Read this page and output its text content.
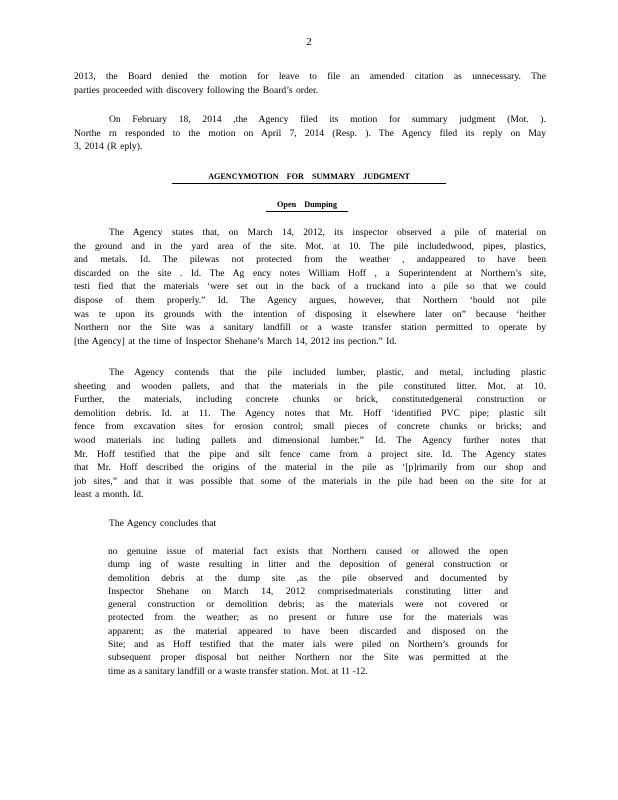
2
2013, the Board denied the motion for leave to file an amended citation as unnecessary. The
parties proceeded with discovery following the Board’s order.
On February 18, 2014 ,the Agency filed its motion for summary judgment (Mot. ).
Northe rn responded to the motion on April 7, 2014 (Resp. ). The Agency filed its reply on May
3, 2014 (R eply).
AGENCYMOTION FOR SUMMARY JUDGMENT
Open Dumping
The Agency states that, on March 14, 2012, its inspector observed a pile of material on
the ground and in the yard area of the site. Mot. at 10. The pile includedwood, pipes, plastics,
and metals. Id. The pilewas not protected from the weather , andappeared to have been
discarded on the site . Id. The Ag ency notes William Hoff , a Superintendent at Northern’s site,
testi fied that the materials ‘were set out in the back of a truckand into a pile so that we could
dispose of them properly.” Id. The Agency argues, however, that Northern ‘bould not pile
was te upon its grounds with the intention of disposing it elsewhere later on” because ‘heither
Northern nor the Site was a sanitary landfill or a waste transfer station permitted to operate by
[the Agency] at the time of Inspector Shehane’s March 14, 2012 ins pection.” Id.
The Agency contends that the pile included lumber, plastic, and metal, including plastic
sheeting and wooden pallets, and that the materials in the pile constituted litter. Mot. at 10.
Further, the materials, including concrete chunks or brick, constitutedgeneral construction or
demolition debris. Id. at 11. The Agency notes that Mr. Hoff ‘identified PVC pipe; plastic silt
fence from excavation sites for erosion control; small pieces of concrete chunks or bricks; and
wood materials inc luding pallets and dimensional lumber.” Id. The Agency further notes that
Mr. Hoff testified that the pipe and silt fence came from a project site. Id. The Agency states
that Mr. Hoff described the origins of the material in the pile as ‘[p]rimarily from our shop and
job sites,” and that it was possible that some of the materials in the pile had been on the site for at
least a month. Id.
The Agency concludes that
no genuine issue of material fact exists that Northern caused or allowed the open
dump ing of waste resulting in litter and the deposition of general construction or
demolition debris at the dump site ,as the pile observed and documented by
Inspector Shehane on March 14, 2012 comprisedmaterials constituting litter and
general construction or demolition debris; as the materials were not covered or
protected from the weather; as no present or future use for the materials was
apparent; as the material appeared to have been discarded and disposed on the
Site; and as Hoff testified that the mater ials were piled on Northern’s grounds for
subsequent proper disposal but neither Northern nor the Site was permitted at the
time as a sanitary landfill or a waste transfer station. Mot. at 11 -12.
